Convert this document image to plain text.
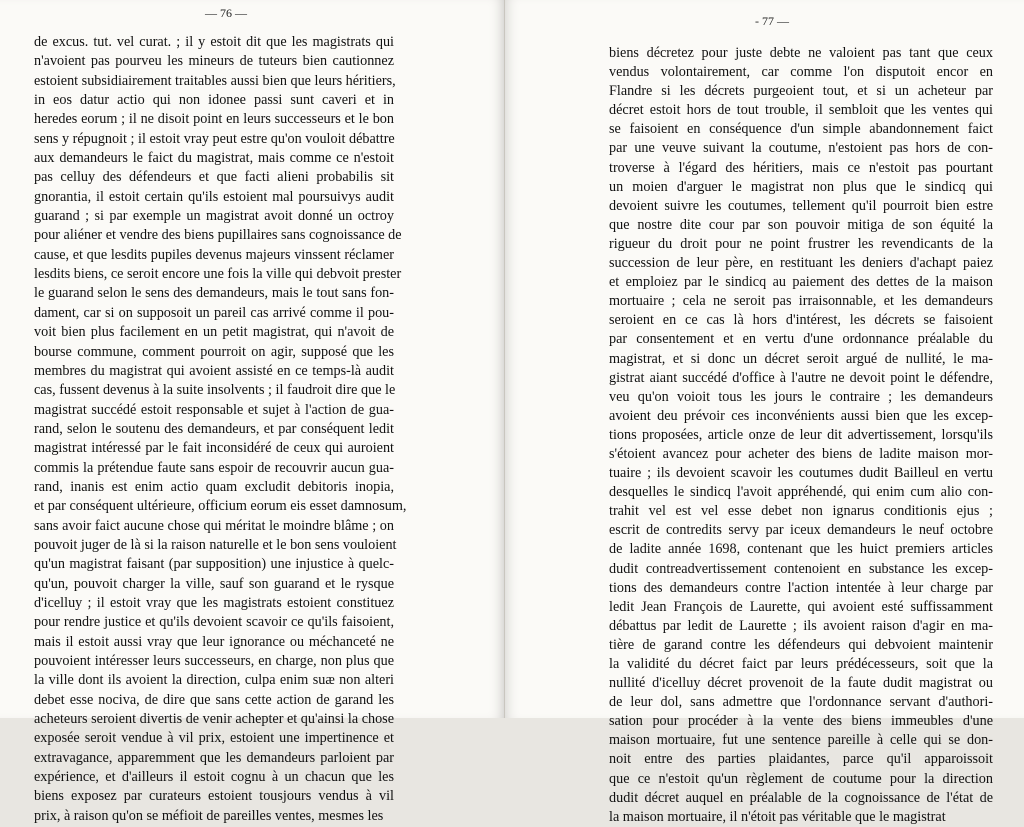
— 76 —
de excus. tut. vel curat. ; il y estoit dit que les magistrats qui
n'avoient pas pourveu les mineurs de tuteurs bien cautionnez
estoient subsidiairement traitables aussi bien que leurs héritiers,
in eos datur actio qui non idonee passi sunt caveri et in
heredes eorum ; il ne disoit point en leurs successeurs et le bon
sens y répugnoit ; il estoit vray peut estre qu'on vouloit débattre
aux demandeurs le faict du magistrat, mais comme ce n'estoit
pas celluy des défendeurs et que facti alieni probabilis sit
gnorantia, il estoit certain qu'ils estoient mal poursuivys audit
guarand ; si par exemple un magistrat avoit donné un octroy
pour aliéner et vendre des biens pupillaires sans cognoissance de
cause, et que lesdits pupiles devenus majeurs vinssent réclamer
lesdits biens, ce seroit encore une fois la ville qui debvoit prester
le guarand selon le sens des demandeurs, mais le tout sans fon-
dament, car si on supposoit un pareil cas arrivé comme il pou-
voit bien plus facilement en un petit magistrat, qui n'avoit de
bourse commune, comment pourroit on agir, supposé que les
membres du magistrat qui avoient assisté en ce temps-là audit
cas, fussent devenus à la suite insolvents ; il faudroit dire que le
magistrat succédé estoit responsable et sujet à l'action de gua-
rand, selon le soutenu des demandeurs, et par conséquent ledit
magistrat intéressé par le fait inconsidéré de ceux qui auroient
commis la prétendue faute sans espoir de recouvrir aucun gua-
rand, inanis est enim actio quam excludit debitoris inopia,
et par conséquent ultérieure, officium eorum eis esset damnosum,
sans avoir faict aucune chose qui méritat le moindre blâme ; on
pouvoit juger de là si la raison naturelle et le bon sens vouloient
qu'un magistrat faisant (par supposition) une injustice à quelc-
qu'un, pouvoit charger la ville, sauf son guarand et le rysque
d'icelluy ; il estoit vray que les magistrats estoient constituez
pour rendre justice et qu'ils devoient scavoir ce qu'ils faisoient,
mais il estoit aussi vray que leur ignorance ou méchanceté ne
pouvoient intéresser leurs successeurs, en charge, non plus que
la ville dont ils avoient la direction, culpa enim suæ non alteri
debet esse nociva, de dire que sans cette action de garand les
acheteurs seroient divertis de venir achepter et qu'ainsi la chose
exposée seroit vendue à vil prix, estoient une impertinence et
extravagance, apparemment que les demandeurs parloient par
expérience, et d'ailleurs il estoit cognu à un chacun que les
biens exposez par curateurs estoient tousjours vendus à vil
prix, à raison qu'on se méfioit de pareilles ventes, mesmes les
- 77 —
biens décretez pour juste debte ne valoient pas tant que ceux
vendus volontairement, car comme l'on disputoit encor en
Flandre si les décrets purgeoient tout, et si un acheteur par
décret estoit hors de tout trouble, il sembloit que les ventes qui
se faisoient en conséquence d'un simple abandonnement faict
par une veuve suivant la coutume, n'estoient pas hors de con-
troverse à l'égard des héritiers, mais ce n'estoit pas pourtant
un moien d'arguer le magistrat non plus que le sindicq qui
devoient suivre les coutumes, tellement qu'il pourroit bien estre
que nostre dite cour par son pouvoir mitiga de son équité la
rigueur du droit pour ne point frustrer les revendicants de la
succession de leur père, en restituant les deniers d'achapt paiez
et emploiez par le sindicq au paiement des dettes de la maison
mortuaire ; cela ne seroit pas irraisonnable, et les demandeurs
seroient en ce cas là hors d'intérest, les décrets se faisoient
par consentement et en vertu d'une ordonnance préalable du
magistrat, et si donc un décret seroit argué de nullité, le ma-
gistrat aiant succédé d'office à l'autre ne devoit point le défendre,
veu qu'on voioit tous les jours le contraire ; les demandeurs
avoient deu prévoir ces inconvénients aussi bien que les excep-
tions proposées, article onze de leur dit advertissement, lorsqu'ils
s'étoient avancez pour acheter des biens de ladite maison mor-
tuaire ; ils devoient scavoir les coutumes dudit Bailleul en vertu
desquelles le sindicq l'avoit appréhendé, qui enim cum alio con-
trahit vel est vel esse debet non ignarus conditionis ejus ;
escrit de contredits servy par iceux demandeurs le neuf octobre
de ladite année 1698, contenant que les huict premiers articles
dudit contreadvertissement contenoient en substance les excep-
tions des demandeurs contre l'action intentée à leur charge par
ledit Jean François de Laurette, qui avoient esté suffissamment
débattus par ledit de Laurette ; ils avoient raison d'agir en ma-
tière de garand contre les défendeurs qui debvoient maintenir
la validité du décret faict par leurs prédécesseurs, soit que la
nullité d'icelluy décret provenoit de la faute dudit magistrat ou
de leur dol, sans admettre que l'ordonnance servant d'authori-
sation pour procéder à la vente des biens immeubles d'une
maison mortuaire, fut une sentence pareille à celle qui se don-
noit entre des parties plaidantes, parce qu'il apparoissoit
que ce n'estoit qu'un règlement de coutume pour la direction
dudit décret auquel en préalable de la cognoissance de l'état de
la maison mortuaire, il n'étoit pas véritable que le magistrat
